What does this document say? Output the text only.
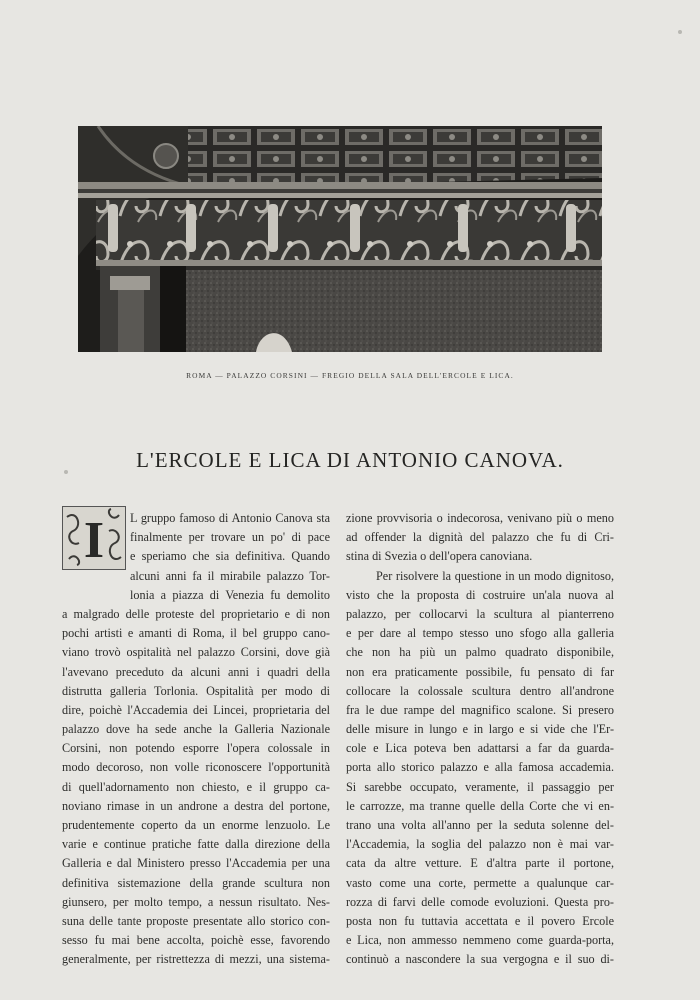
ROMA — PALAZZO CORSINI — FREGIO DELLA SALA DELL'ERCOLE E LICA.
L'ERCOLE E LICA DI ANTONIO CANOVA.
I	L gruppo famoso di Antonio Canova sta
finalmente per trovare un po' di pace
e speriamo che sia definitiva. Quando
alcuni anni fa il mirabile palazzo Tor-
lonia a piazza di Venezia fu demolito
a malgrado delle proteste del proprietario e di non
pochi artisti e amanti di Roma, il bel gruppo cano-
viano trovò ospitalità nel palazzo Corsini, dove già
l'avevano preceduto da alcuni anni i quadri della
distrutta galleria Torlonia. Ospitalità per modo di
dire, poichè l'Accademia dei Lincei, proprietaria del
palazzo dove ha sede anche la Galleria Nazionale
Corsini, non potendo esporre l'opera colossale in
modo decoroso, non volle riconoscere l'opportunità
di quell'adornamento non chiesto, e il gruppo ca-
noviano rimase in un androne a destra del portone,
prudentemente coperto da un enorme lenzuolo. Le
varie e continue pratiche fatte dalla direzione della
Galleria e dal Ministero presso l'Accademia per una
definitiva sistemazione della grande scultura non
giunsero, per molto tempo, a nessun risultato. Nes-
suna delle tante proposte presentate allo storico con-
sesso fu mai bene accolta, poichè esse, favorendo
generalmente, per ristrettezza di mezzi, una sistema-
zione provvisoria o indecorosa, venivano più o meno
ad offender la dignità del palazzo che fu di Cri-
stina di Svezia o dell'opera canoviana.
Per risolvere la questione in un modo dignitoso,
visto che la proposta di costruire un'ala nuova al
palazzo, per collocarvi la scultura al pianterreno
e per dare al tempo stesso uno sfogo alla galleria
che non ha più un palmo quadrato disponibile,
non era praticamente possibile, fu pensato di far
collocare la colossale scultura dentro all'androne
fra le due rampe del magnifico scalone. Si presero
delle misure in lungo e in largo e si vide che l'Er-
cole e Lica poteva ben adattarsi a far da guarda-
porta allo storico palazzo e alla famosa accademia.
Si sarebbe occupato, veramente, il passaggio per
le carrozze, ma tranne quelle della Corte che vi en-
trano una volta all'anno per la seduta solenne del-
l'Accademia, la soglia del palazzo non è mai var-
cata da altre vetture. E d'altra parte il portone,
vasto come una corte, permette a qualunque car-
rozza di farvi delle comode evoluzioni. Questa pro-
posta non fu tuttavia accettata e il povero Ercole
e Lica, non ammesso nemmeno come guarda-porta,
continuò a nascondere la sua vergogna e il suo di-
